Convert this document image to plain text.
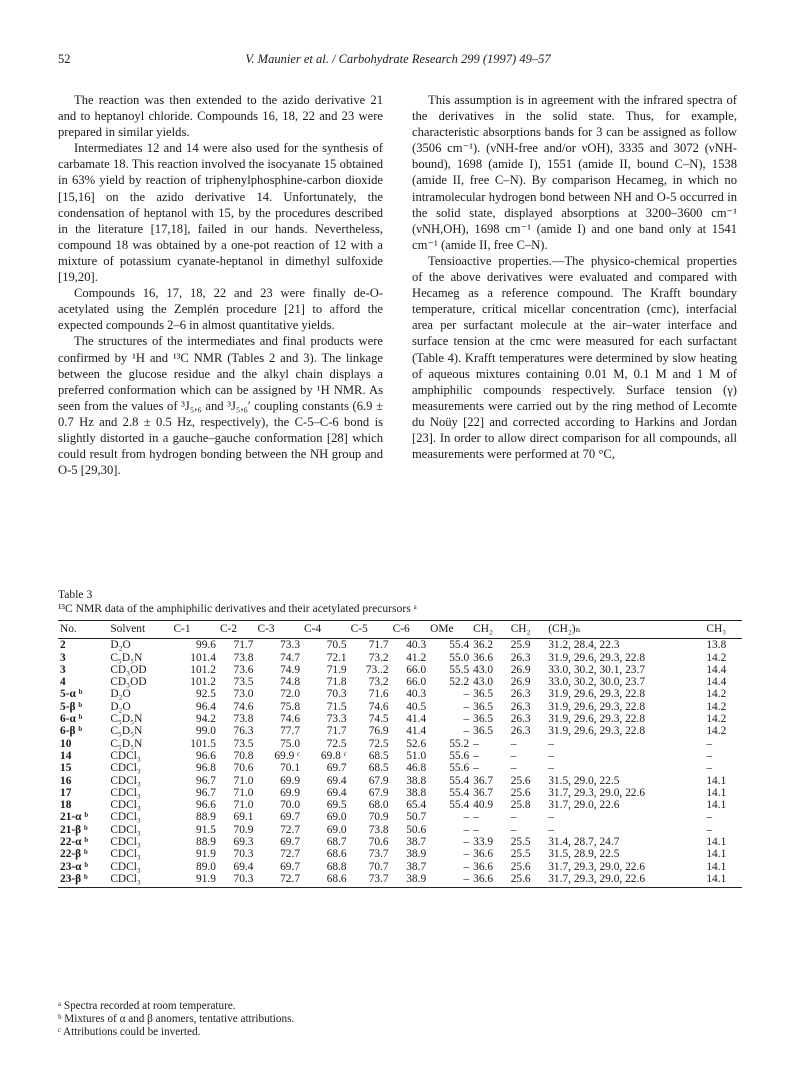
52	V. Maunier et al. / Carbohydrate Research 299 (1997) 49–57

The reaction was then extended to the azido derivative 21 and to heptanoyl chloride. Compounds 16, 18, 22 and 23 were prepared in similar yields.

Intermediates 12 and 14 were also used for the synthesis of carbamate 18. This reaction involved the isocyanate 15 obtained in 63% yield by reaction of triphenylphosphine-carbon dioxide [15,16] on the azido derivative 14. Unfortunately, the condensation of heptanol with 15, by the procedures described in the literature [17,18], failed in our hands. Nevertheless, compound 18 was obtained by a one-pot reaction of 12 with a mixture of potassium cyanate-heptanol in dimethyl sulfoxide [19,20].

Compounds 16, 17, 18, 22 and 23 were finally de-O-acetylated using the Zemplén procedure [21] to afford the expected compounds 2–6 in almost quantitative yields.

The structures of the intermediates and final products were confirmed by ¹H and ¹³C NMR (Tables 2 and 3). The linkage between the glucose residue and the alkyl chain displays a preferred conformation which can be assigned by ¹H NMR. As seen from the values of ³J₅,₆ and ³J₅,₆′ coupling constants (6.9 ± 0.7 Hz and 2.8 ± 0.5 Hz, respectively), the C-5–C-6 bond is slightly distorted in a gauche–gauche conformation [28] which could result from hydrogen bonding between the NH group and O-5 [29,30].

This assumption is in agreement with the infrared spectra of the derivatives in the solid state. Thus, for example, characteristic absorptions bands for 3 can be assigned as follow (3506 cm⁻¹). (νNH-free and/or νOH), 3335 and 3072 (νNH-bound), 1698 (amide I), 1551 (amide II, bound C–N), 1538 (amide II, free C–N). By comparison Hecameg, in which no intramolecular hydrogen bond between NH and O-5 occurred in the solid state, displayed absorptions at 3200–3600 cm⁻¹ (νNH,OH), 1698 cm⁻¹ (amide I) and one band only at 1541 cm⁻¹ (amide II, free C–N).

Tensioactive properties.—The physico-chemical properties of the above derivatives were evaluated and compared with Hecameg as a reference compound. The Krafft boundary temperature, critical micellar concentration (cmc), interfacial area per surfactant molecule at the air–water interface and surface tension at the cmc were measured for each surfactant (Table 4). Krafft temperatures were determined by slow heating of aqueous mixtures containing 0.01 M, 0.1 M and 1 M of amphiphilic compounds respectively. Surface tension (γ) measurements were carried out by the ring method of Lecomte du Noüy [22] and corrected according to Harkins and Jordan [23]. In order to allow direct comparison for all compounds, all measurements were performed at 70 °C,

Table 3
¹³C NMR data of the amphiphilic derivatives and their acetylated precursors ᵃ
No.	Solvent	C-1	C-2	C-3	C-4	C-5	C-6	OMe	CH₂	CH₂	(CH₂)ₙ	CH₃
2	D₂O	99.6	71.7	73.3	70.5	71.7	40.3	55.4	36.2	25.9	31.2, 28.4, 22.3	13.8
3	C₅D₅N	101.4	73.8	74.7	72.1	73.2	41.2	55.0	36.6	26.3	31.9, 29.6, 29.3, 22.8	14.2
3	CD₃OD	101.2	73.6	74.9	71.9	73..2	66.0	55.5	43.0	26.9	33.0, 30.2, 30.1, 23.7	14.4
4	CD₃OD	101.2	73.5	74.8	71.8	73.2	66.0	52.2	43.0	26.9	33.0, 30.2, 30.0, 23.7	14.4
5-α ᵇ	D₂O	92.5	73.0	72.0	70.3	71.6	40.3	–	36.5	26.3	31.9, 29.6, 29.3, 22.8	14.2
5-β ᵇ	D₂O	96.4	74.6	75.8	71.5	74.6	40.5	–	36.5	26.3	31.9, 29.6, 29.3, 22.8	14.2
6-α ᵇ	C₅D₅N	94.2	73.8	74.6	73.3	74.5	41.4	–	36.5	26.3	31.9, 29.6, 29.3, 22.8	14.2
6-β ᵇ	C₅D₅N	99.0	76.3	77.7	71.7	76.9	41.4	–	36.5	26.3	31.9, 29.6, 29.3, 22.8	14.2
10	C₅D₅N	101.5	73.5	75.0	72.5	72.5	52.6	55.2	–	–	–	–
14	CDCl₃	96.6	70.8	69.9 ᶜ	69.8 ᶜ	68.5	51.0	55.6	–	–	–	–
15	CDCl₃	96.8	70.6	70.1	69.7	68.5	46.8	55.6	–	–	–	–
16	CDCl₃	96.7	71.0	69.9	69.4	67.9	38.8	55.4	36.7	25.6	31.5, 29.0, 22.5	14.1
17	CDCl₃	96.7	71.0	69.9	69.4	67.9	38.8	55.4	36.7	25.6	31.7, 29.3, 29.0, 22.6	14.1
18	CDCl₃	96.6	71.0	70.0	69.5	68.0	65.4	55.4	40.9	25.8	31.7, 29.0, 22.6	14.1
21-α ᵇ	CDCl₃	88.9	69.1	69.7	69.0	70.9	50.7	–	–	–	–	–
21-β ᵇ	CDCl₃	91.5	70.9	72.7	69.0	73.8	50.6	–	–	–	–	–
22-α ᵇ	CDCl₃	88.9	69.3	69.7	68.7	70.6	38.7	–	33.9	25.5	31.4, 28.7, 24.7	14.1
22-β ᵇ	CDCl₃	91.9	70.3	72.7	68.6	73.7	38.9	–	36.6	25.5	31.5, 28.9, 22.5	14.1
23-α ᵇ	CDCl₃	89.0	69.4	69.7	68.8	70.7	38.7	–	36.6	25.6	31.7, 29.3, 29.0, 22.6	14.1
23-β ᵇ	CDCl₃	91.9	70.3	72.7	68.6	73.7	38.9	–	36.6	25.6	31.7, 29.3, 29.0, 22.6	14.1
ᵃ Spectra recorded at room temperature.
ᵇ Mixtures of α and β anomers, tentative attributions.
ᶜ Attributions could be inverted.
